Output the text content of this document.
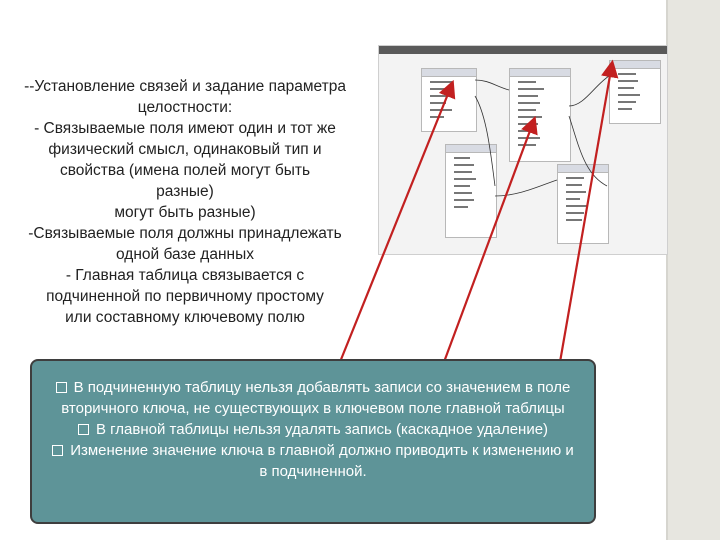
--Установление связей и задание параметра

целостности:

- Связываемые поля имеют один и тот же

физический смысл, одинаковый тип и

свойства (имена полей могут быть

разные)

могут быть разные)

-Связываемые поля должны принадлежать

одной базе данных

- Главная таблица связывается с

подчиненной по первичному простому

или составному ключевому полю

В подчиненную таблицу нельзя добавлять записи со значением в поле вторичного ключа, не существующих в ключевом поле главной таблицы

В главной таблицы нельзя удалять запись (каскадное удаление)

Изменение значение ключа в главной должно приводить к изменению и в подчиненной.
